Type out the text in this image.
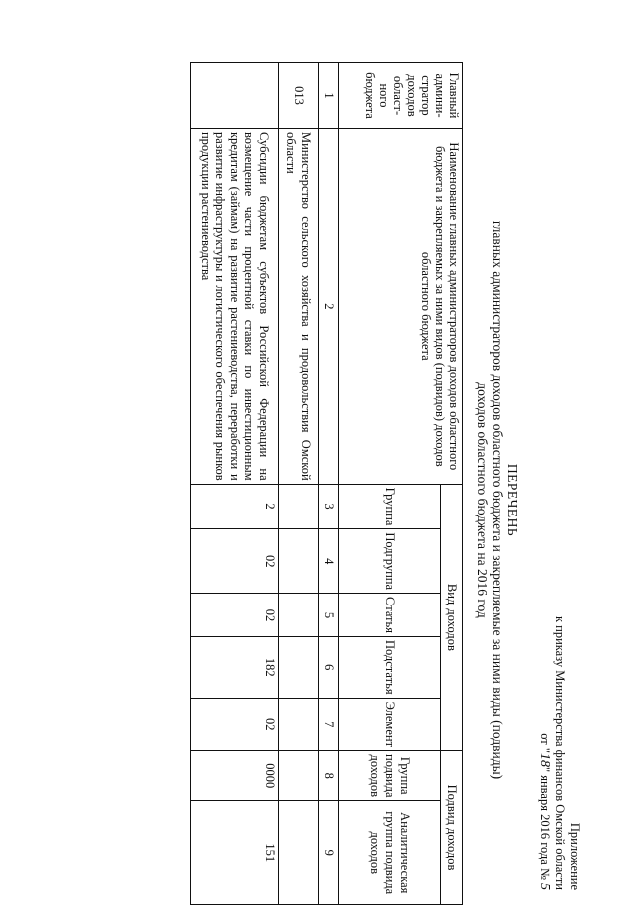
Приложение
к приказу Министерства финансов Омской области
от "18" января 2016 года № 5
ПЕРЕЧЕНЬ
главных администраторов доходов областного бюджета и закрепляемые за ними виды (подвиды)
доходов областного бюджета на 2016 год
Главный админи-стратор доходов област-ного бюджета	Наименование главных администраторов доходов областного бюджета и закрепляемых за ними видов (подвидов) доходов областного бюджета	Вид доходов					Подвид доходов	
		Группа	Подгруппа	Статья	Подстатья	Элемент	Группа подвида доходов	Аналитическая группа подвида доходов
1	2	3	4	5	6	7	8	9
013	Министерство сельского хозяйства и продовольствия Омской области							
	Субсидии бюджетам субъектов Российской Федерации на возмещение части процентной ставки по инвестиционным кредитам (займам) на развитие растениеводства, переработки и развитие инфраструктуры и логистического обеспечения рынков продукции растениеводства	2	02	02	182	02	0000	151
